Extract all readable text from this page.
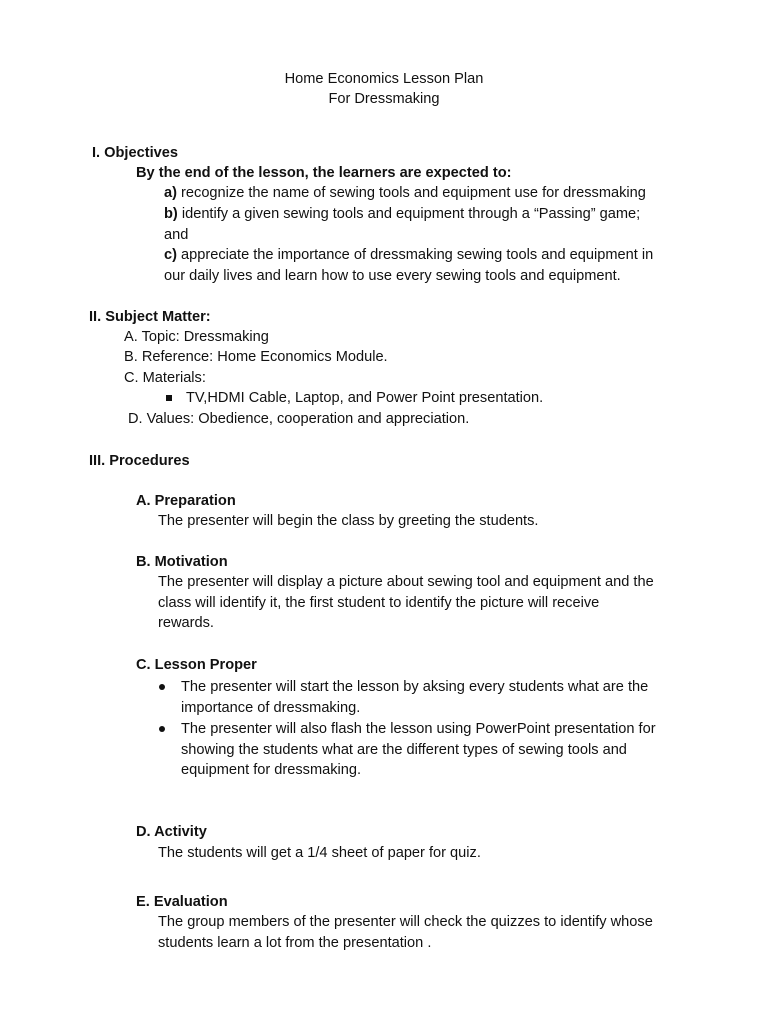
Home Economics Lesson Plan
For Dressmaking
I. Objectives
By the end of the lesson, the learners are expected to:
a) recognize the name of sewing tools and equipment use for dressmaking
b) identify a given sewing tools and equipment through a “Passing” game;
and
c) appreciate the importance of dressmaking sewing tools and equipment in
our daily lives and learn how to use every sewing tools and equipment.
II. Subject Matter:
A. Topic: Dressmaking
B. Reference: Home Economics Module.
C. Materials:
TV,HDMI Cable, Laptop, and Power Point presentation.
D. Values: Obedience, cooperation and appreciation.
III. Procedures
A. Preparation
The presenter will begin the class by greeting the students.
B. Motivation
The presenter will display a picture about sewing tool and equipment and the
class will identify it, the first student to identify the picture will receive
rewards.
C. Lesson Proper
The presenter will start the lesson by aksing every students what are the
importance of dressmaking.
The presenter will also flash the lesson using PowerPoint presentation for
showing the students what are the different types of sewing tools and
equipment for dressmaking.
D. Activity
The students will get a 1/4 sheet of paper for quiz.
E. Evaluation
The group members of the presenter will check the quizzes to identify whose
students learn a lot from the presentation .
